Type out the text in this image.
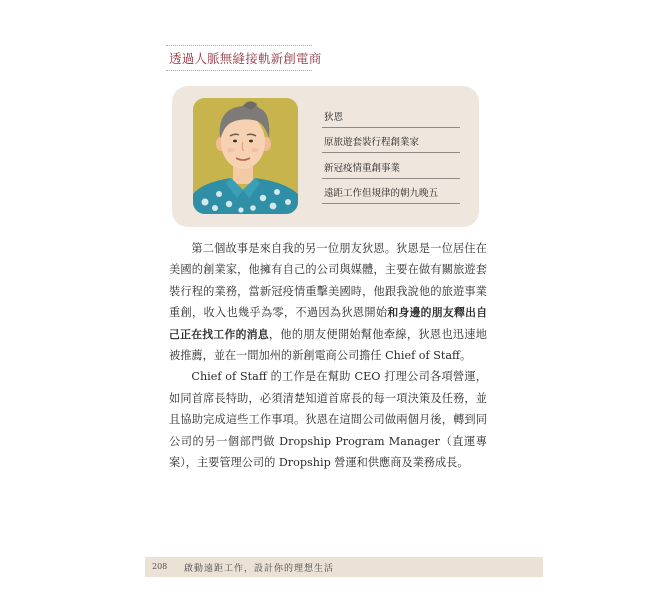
透過人脈無縫接軌新創電商
狄恩
原旅遊套裝行程創業家
新冠疫情重創事業
遠距工作但規律的朝九晚五

第二個故事是來自我的另一位朋友狄恩。狄恩是一位居住在美國的創業家，他擁有自己的公司與媒體，主要在做有關旅遊套裝行程的業務，當新冠疫情重擊美國時，他跟我說他的旅遊事業重創，收入也幾乎為零，不過因為狄恩開始和身邊的朋友釋出自己正在找工作的消息，他的朋友便開始幫他牽線，狄恩也迅速地被推薦，並在一間加州的新創電商公司擔任 Chief of Staff。

Chief of Staff 的工作是在幫助 CEO 打理公司各項營運，如同首席長特助，必須清楚知道首席長的每一項決策及任務，並且協助完成這些工作事項。狄恩在這間公司做兩個月後，轉到同公司的另一個部門做 Dropship Program Manager（直運專案），主要管理公司的 Dropship 營運和供應商及業務成長。

208 啟動遠距工作，設計你的理想生活
